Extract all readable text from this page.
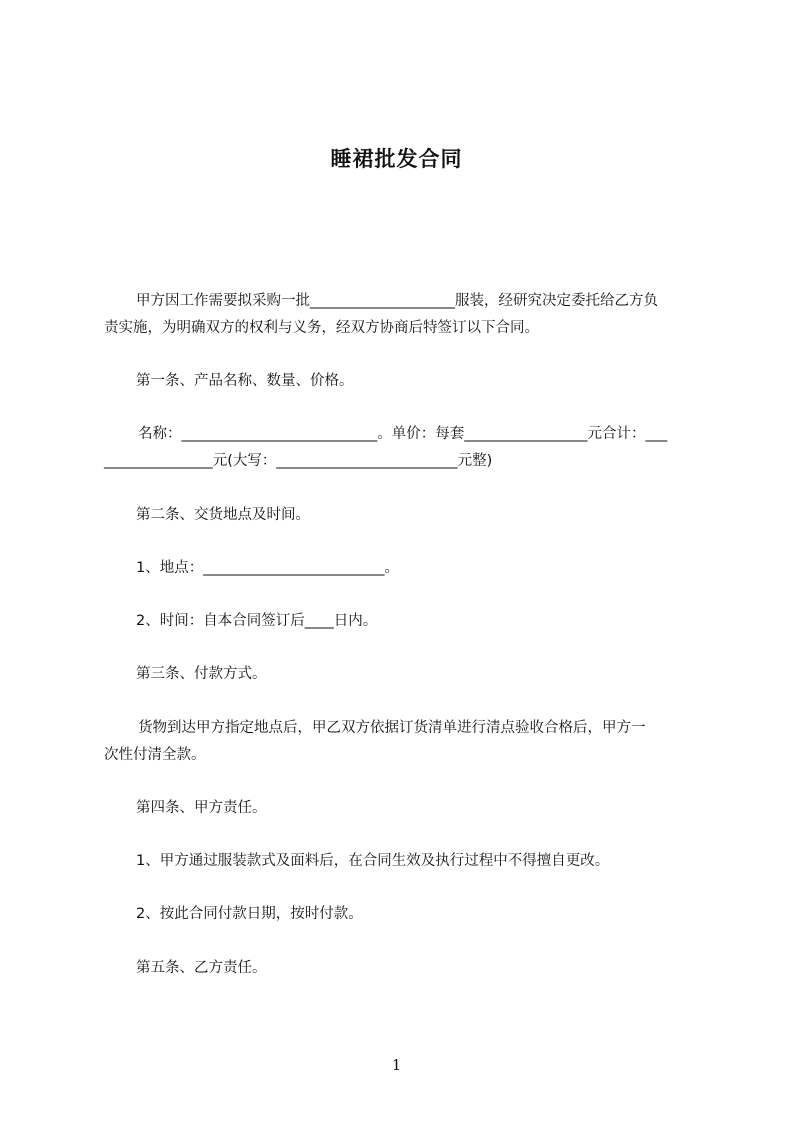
睡裙批发合同
甲方因工作需要拟采购一批____________________服装，经研究决定委托给乙方负
责实施，为明确双方的权利与义务，经双方协商后特签订以下合同。
第一条、产品名称、数量、价格。
名称：___________________________。单价：每套_________________元合计：___
_______________元(大写：_________________________元整)
第二条、交货地点及时间。
1、地点：_________________________。
2、时间：自本合同签订后____日内。
第三条、付款方式。
货物到达甲方指定地点后，甲乙双方依据订货清单进行清点验收合格后，甲方一
次性付清全款。
第四条、甲方责任。
1、甲方通过服装款式及面料后，在合同生效及执行过程中不得擅自更改。
2、按此合同付款日期，按时付款。
第五条、乙方责任。
1
